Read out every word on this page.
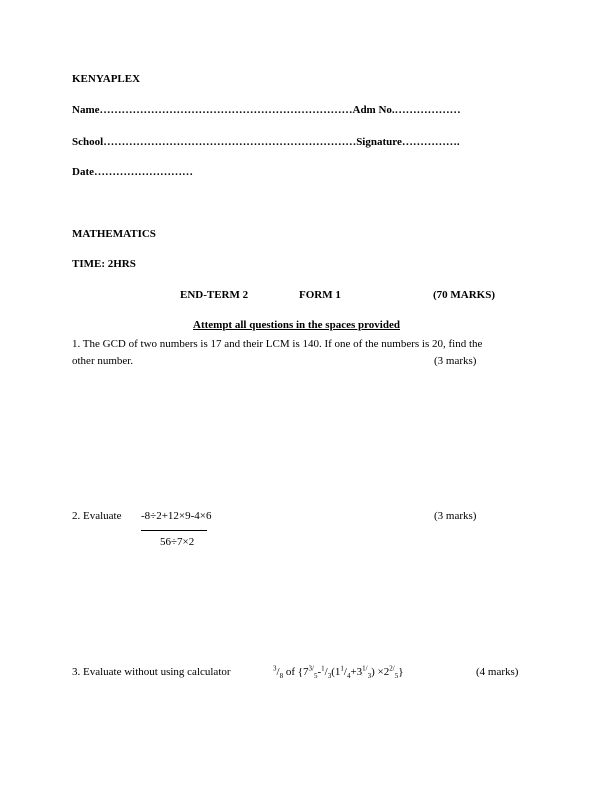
KENYAPLEX
Name……………………………………………………………Adm No.………………
School……………………………………………………………Signature…………….
Date………………………
MATHEMATICS
TIME: 2HRS
END-TERM 2	FORM 1	(70 MARKS)
Attempt all questions in the spaces provided
1. The GCD of two numbers is 17 and their LCM is 140. If one of the numbers is 20, find the
other number.	(3 marks)
2. Evaluate -8÷2+12×9-4×6
56÷7×2
(3 marks)
3. Evaluate without using calculator	$^3/_8$ of $\{7^{3/}_5-^1/_3(1^1/_4+3^{1/}_3) \times 2^{2/}_5\}$	(4 marks)
